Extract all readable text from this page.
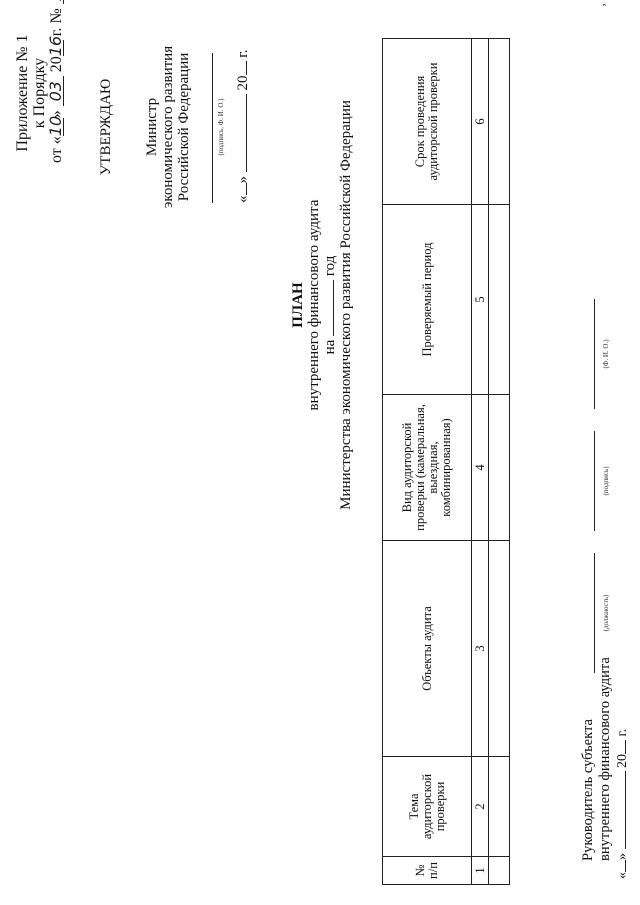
Приложение № 1 к Порядку
от «10» 03 2016 г. №
УТВЕРЖДАЮ Министр экономического развития Российской Федерации	(подпись, Ф. И. О.)
«»  20 г.
ПЛАН внутреннего финансового аудита на  год Министерства экономического развития Российской Федерации
№ п/п	Тема аудиторской проверки	Объекты аудита	Вид аудиторской проверки (камеральная, выездная, комбинированная)	Проверяемый период	Срок проведения аудиторской проверки
1	2	3	4	5	6

Руководитель субъекта внутреннего финансового аудита
(должность)
(подпись)
(Ф. И. О.)
«»  20 г.
ʼ
